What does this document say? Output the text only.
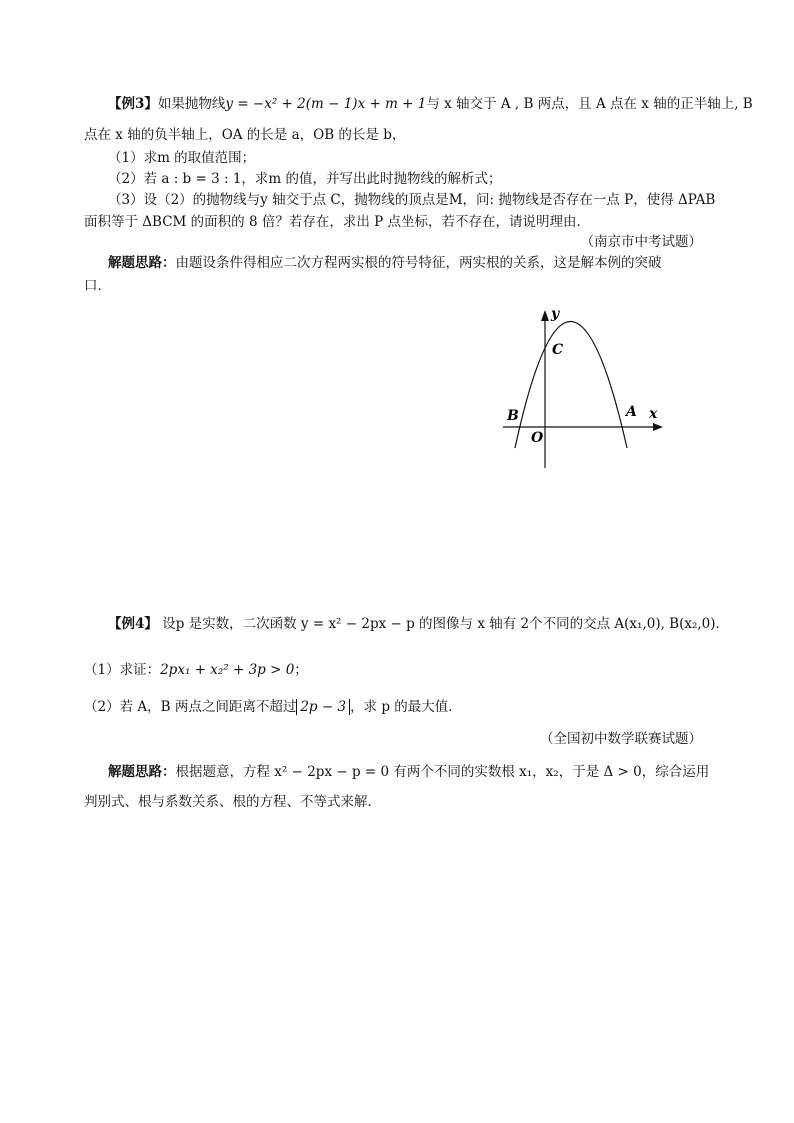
【例3】如果抛物线y = −x² + 2(m − 1)x + m + 1与 x 轴交于 A , B 两点，且 A 点在 x 轴的正半轴上, B
点在 x 轴的负半轴上，OA 的长是 a，OB 的长是 b，
（1）求m 的取值范围；
（2）若 a : b = 3 : 1，求m 的值，并写出此时抛物线的解析式；
（3）设（2）的抛物线与y 轴交于点 C，抛物线的顶点是M，问: 抛物线是否存在一点 P，使得 ΔPAB
面积等于 ΔBCM 的面积的 8 倍？若存在，求出 P 点坐标，若不存在，请说明理由．
（南京市中考试题）
解题思路：由题设条件得相应二次方程两实根的符号特征，两实根的关系，这是解本例的突破
口．
y
C
B	A x
O
【例4】 设p 是实数，二次函数 y = x² − 2px − p 的图像与 x 轴有 2个不同的交点 A(x₁,0), B(x₂,0)．
（1）求证：2px₁ + x₂² + 3p > 0；
（2）若 A，B 两点之间距离不超过 2p − 3 ，求 p 的最大值．
（全国初中数学联赛试题）
解题思路：根据题意，方程 x² − 2px − p = 0 有两个不同的实数根 x₁，x₂，于是 Δ > 0，综合运用
判别式、根与系数关系、根的方程、不等式来解．
